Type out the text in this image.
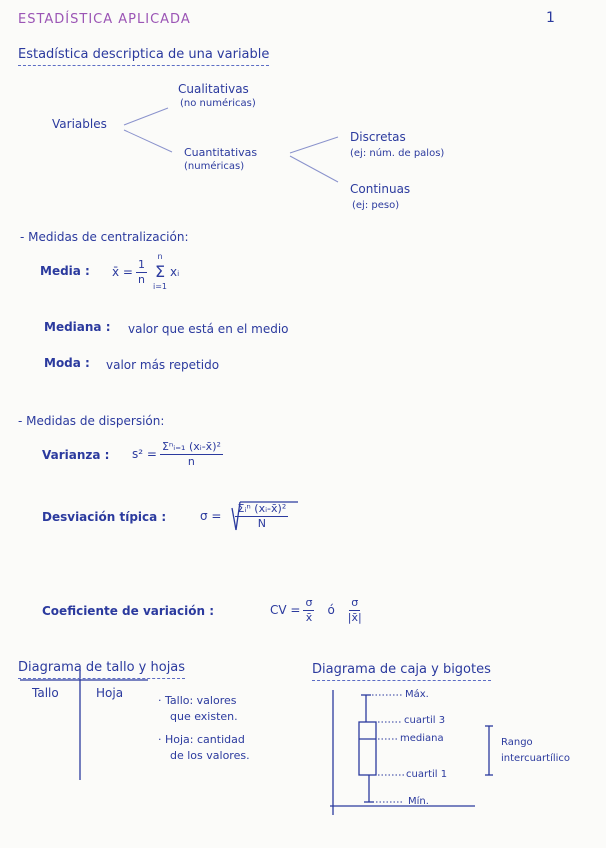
ESTADÍSTICA APLICADA	1
Estadística descriptica de una variable
Variables
Cualitativas
(no numéricas)
Cuantitativas
(numéricas)
Discretas
(ej: núm. de palos)
Continuas
(ej: peso)
- Medidas de centralización:
Media : x̄ = $\frac{1}{n}$
n
Σ
i=1
xᵢ
Mediana : valor que está en el medio
Moda : valor más repetido
- Medidas de dispersión:
Varianza : $s^2 = \frac{\text{Σⁿᵢ₌₁ (xᵢ-x̄)²}}{n}$
Desviación típica :	$\sigma = \frac{\text{Σᵢⁿ (xᵢ-x̄)²}}{N}$
Coeficiente de variación :	CV = $\frac{\sigma}{x̄}$ ó $\frac{\sigma}{|x̄|}$
Diagrama de tallo y hojas
Tallo	Hoja
· Tallo: valores
que existen.
· Hoja: cantidad
de los valores.
Diagrama de caja y bigotes
Máx.
cuartil 3
mediana
cuartil 1
Mín.
Rango
intercuartílico
